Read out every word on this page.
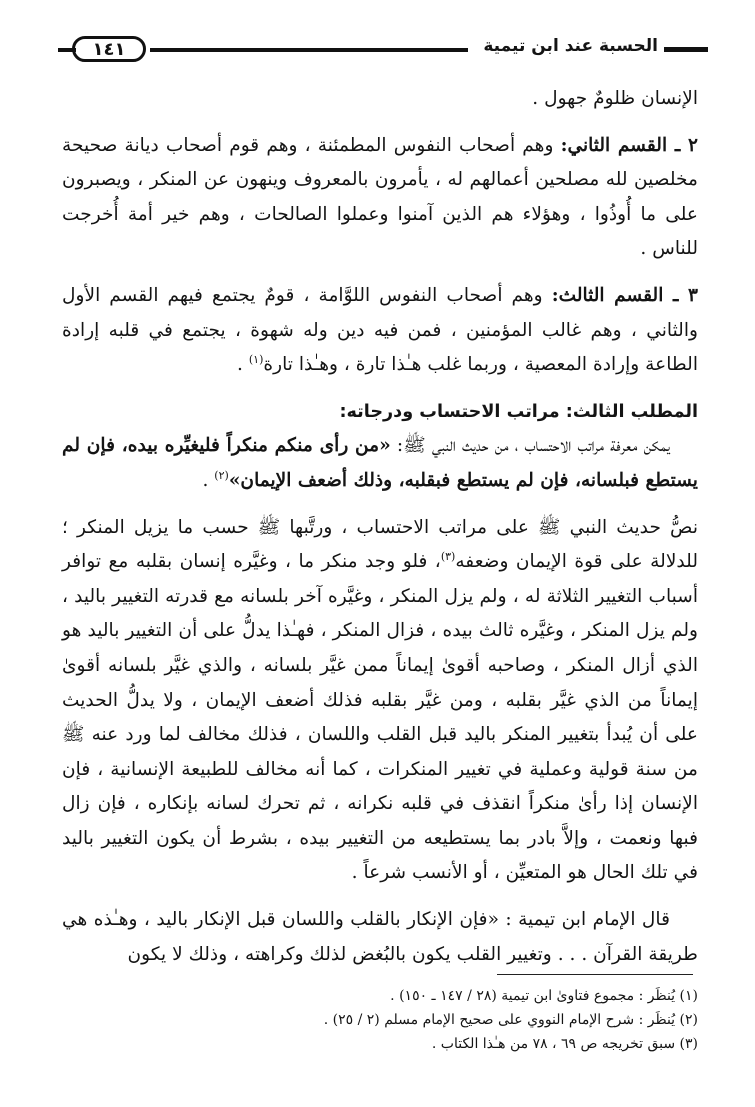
الحسبة عند ابن تيمية
١٤١

الإنسان ظلومٌ جهول .

٢ ـ القسم الثاني: وهم أصحاب النفوس المطمئنة ، وهم قوم أصحاب ديانة صحيحة مخلصين لله مصلحين أعمالهم له ، يأمرون بالمعروف وينهون عن المنكر ، ويصبرون على ما أُوذُوا ، وهؤلاء هم الذين آمنوا وعملوا الصالحات ، وهم خير أمة أُخرجت للناس .

٣ ـ القسم الثالث: وهم أصحاب النفوس اللوَّامة ، قومٌ يجتمع فيهم القسم الأول والثاني ، وهم غالب المؤمنين ، فمن فيه دين وله شهوة ، يجتمع في قلبه إرادة الطاعة وإرادة المعصية ، وربما غلب هـٰذا تارة ، وهـٰذا تارة$^{(١)}$ .

المطلب الثالث: مراتب الاحتساب ودرجاته:

يمكن معرفة مراتب الاحتساب ، من حديث النبي ﷺ: «من رأى منكم منكراً فليغيِّره بيده، فإن لم يستطع فبلسانه، فإن لم يستطع فبقلبه، وذلك أضعف الإيمان»$^{(٢)}$ .

نصُّ حديث النبي ﷺ على مراتب الاحتساب ، ورتَّبها ﷺ حسب ما يزيل المنكر ؛ للدلالة على قوة الإيمان وضعفه$^{(٣)}$، فلو وجد منكر ما ، وغيَّره إنسان بقلبه مع توافر أسباب التغيير الثلاثة له ، ولم يزل المنكر ، وغيَّره آخر بلسانه مع قدرته التغيير باليد ، ولم يزل المنكر ، وغيَّره ثالث بيده ، فزال المنكر ، فهـٰذا يدلُّ على أن التغيير باليد هو الذي أزال المنكر ، وصاحبه أقوىٰ إيماناً ممن غيَّر بلسانه ، والذي غيَّر بلسانه أقوىٰ إيماناً من الذي غيَّر بقلبه ، ومن غيَّر بقلبه فذلك أضعف الإيمان ، ولا يدلُّ الحديث على أن يُبدأ بتغيير المنكر باليد قبل القلب واللسان ، فذلك مخالف لما ورد عنه ﷺ من سنة قولية وعملية في تغيير المنكرات ، كما أنه مخالف للطبيعة الإنسانية ، فإن الإنسان إذا رأىٰ منكراً انقذف في قلبه نكرانه ، ثم تحرك لسانه بإنكاره ، فإن زال فبها ونعمت ، وإلاَّ بادر بما يستطيعه من التغيير بيده ، بشرط أن يكون التغيير باليد في تلك الحال هو المتعيِّن ، أو الأنسب شرعاً .

قال الإمام ابن تيمية : «فإن الإنكار بالقلب واللسان قبل الإنكار باليد ، وهـٰذه هي طريقة القرآن . . . وتغيير القلب يكون بالبُغض لذلك وكراهته ، وذلك لا يكون

(١) يُنظَر : مجموع فتاوىٰ ابن تيمية (٢٨ / ١٤٧ ـ ١٥٠) .

(٢) يُنظَر : شرح الإمام النووي على صحيح الإمام مسلم (٢ / ٢٥) .

(٣) سبق تخريجه ص ٦٩ ، ٧٨ من هـٰذا الكتاب .
